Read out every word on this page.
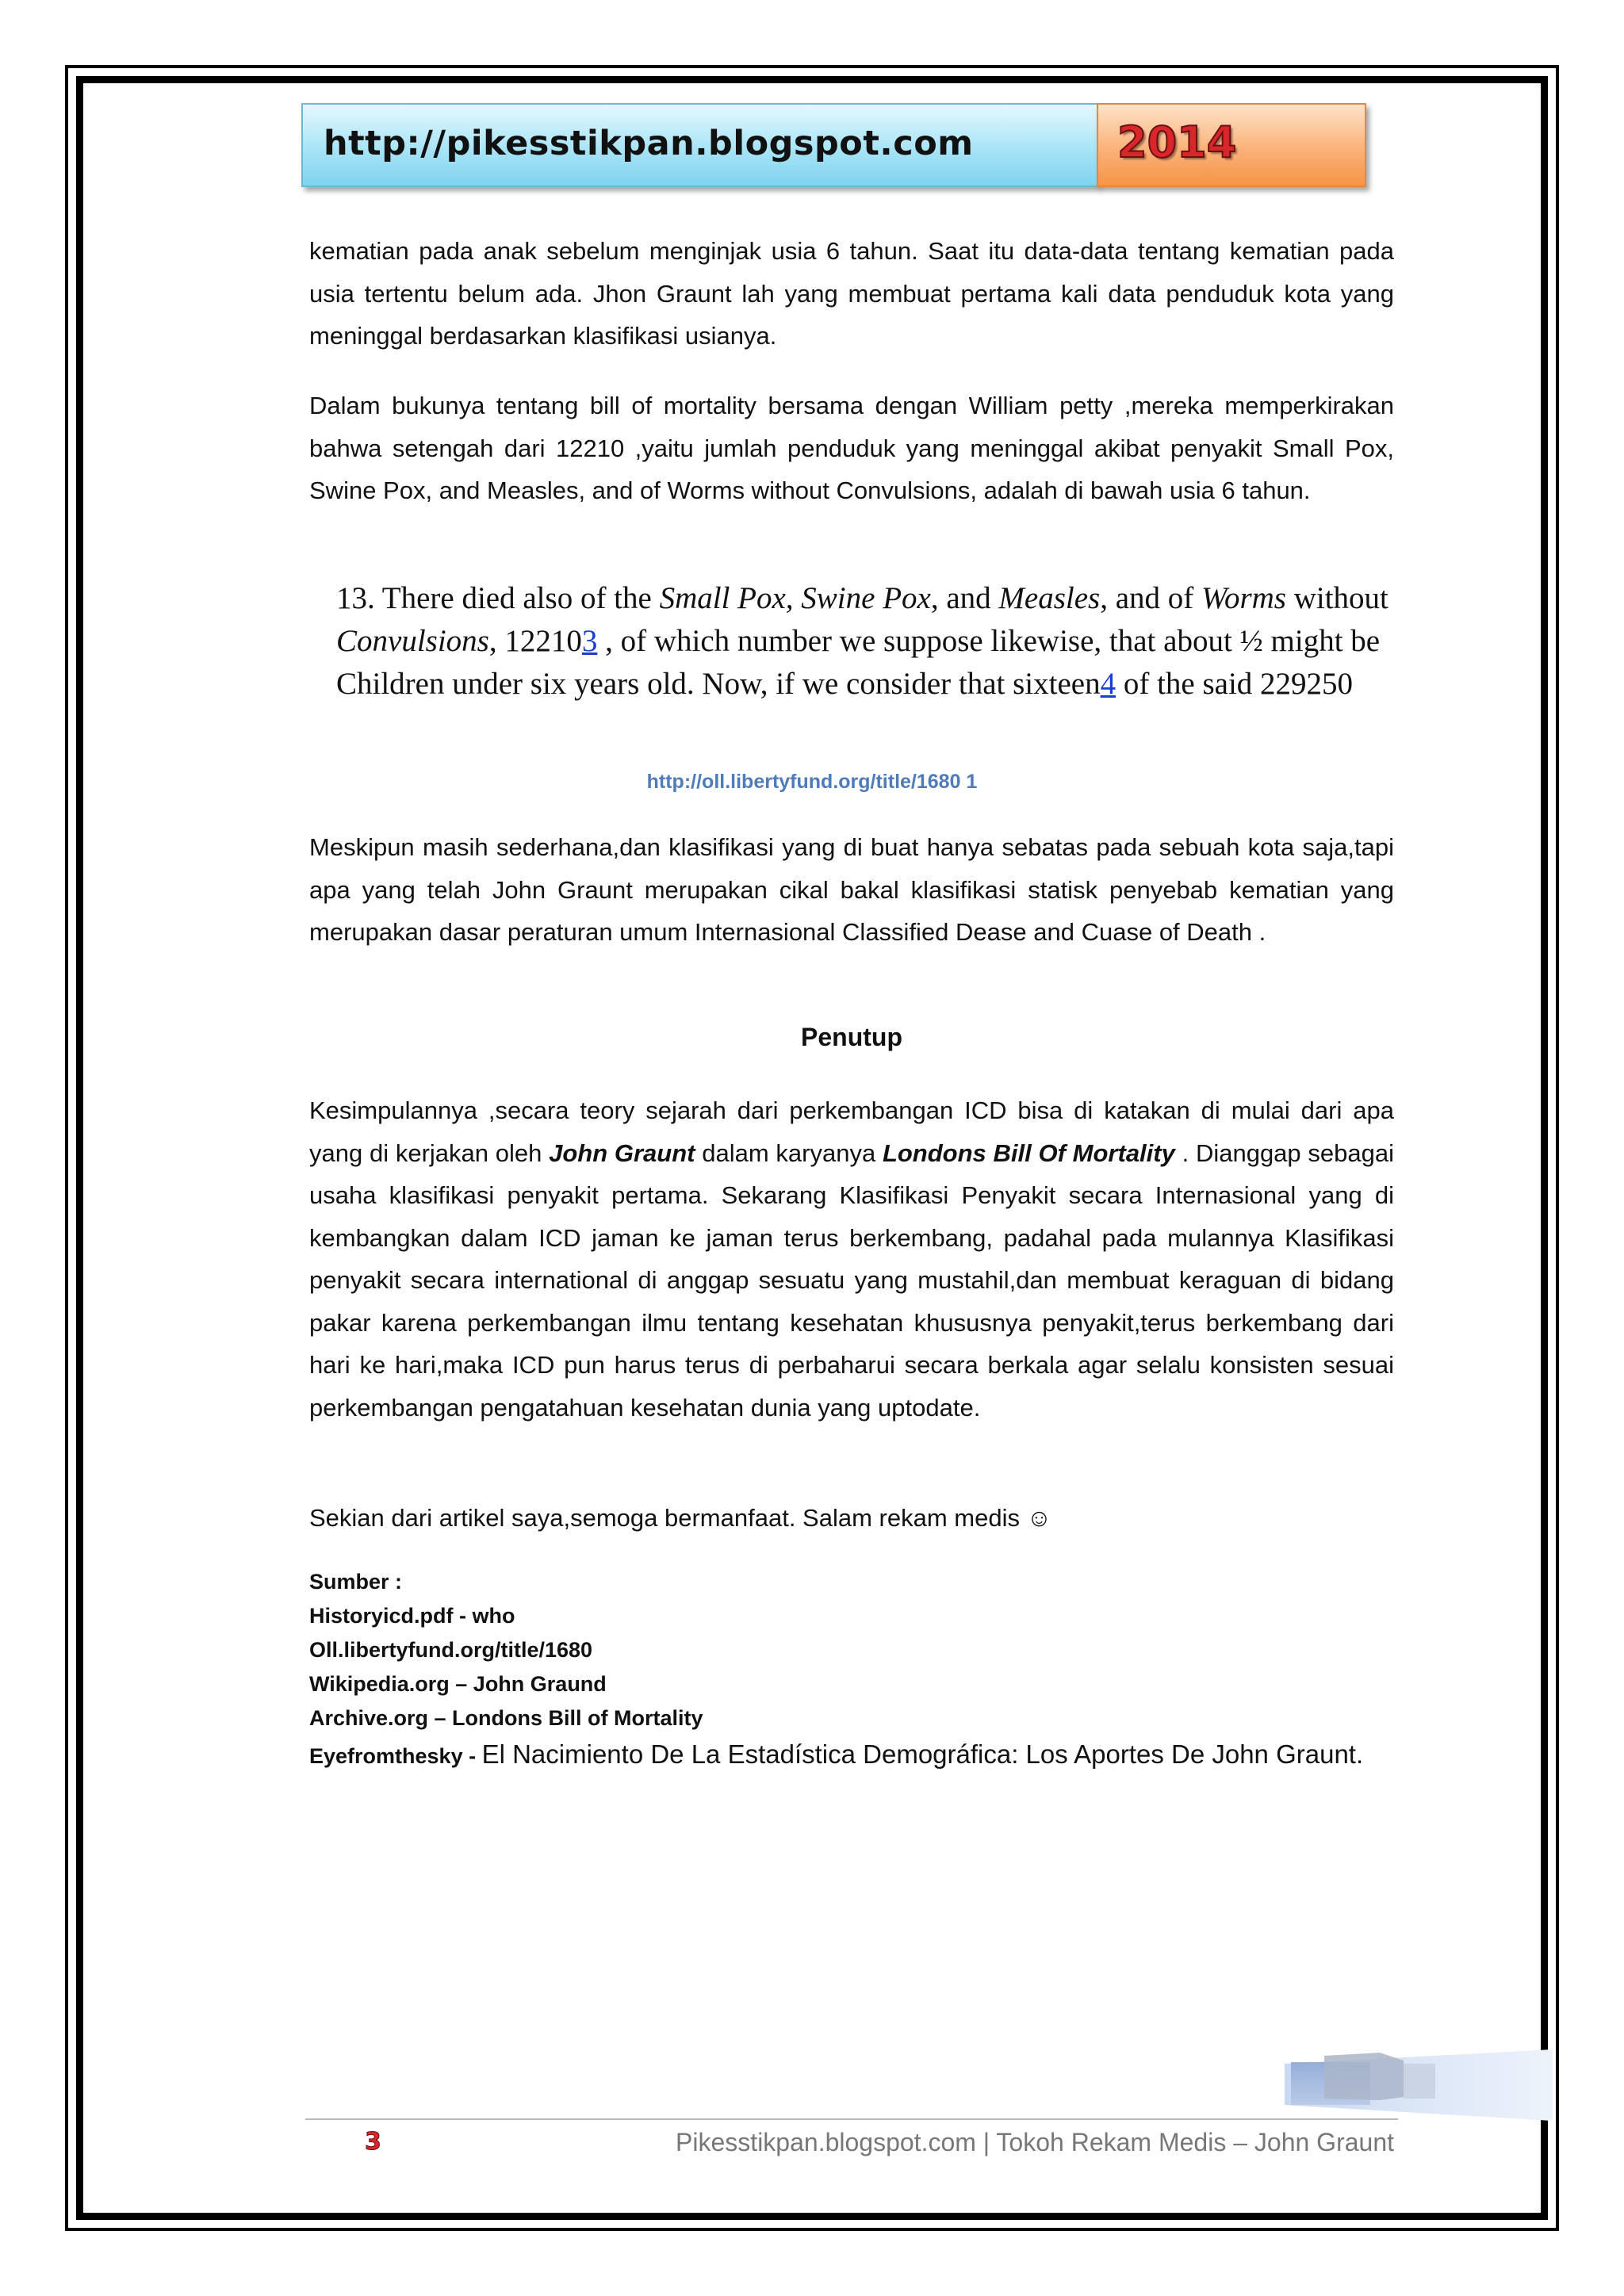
http://pikesstikpan.blogspot.com	2014

kematian pada anak sebelum menginjak usia 6 tahun. Saat itu data-data tentang kematian pada usia tertentu belum ada. Jhon Graunt lah yang membuat pertama kali data penduduk kota yang meninggal berdasarkan klasifikasi usianya.

Dalam bukunya tentang bill of mortality bersama dengan William petty ,mereka memperkirakan bahwa setengah dari 12210 ,yaitu jumlah penduduk yang meninggal akibat penyakit Small Pox, Swine Pox, and Measles, and of Worms without Convulsions, adalah di bawah usia 6 tahun.

13. There died also of the Small Pox, Swine Pox, and Measles, and of Worms without
Convulsions, 122103 , of which number we suppose likewise, that about ½ might be
Children under six years old. Now, if we consider that sixteen4 of the said 229250
http://oll.libertyfund.org/title/1680 1

Meskipun masih sederhana,dan klasifikasi yang di buat hanya sebatas pada sebuah kota saja,tapi apa yang telah John Graunt merupakan cikal bakal klasifikasi statisk penyebab kematian yang merupakan dasar peraturan umum Internasional Classified Dease and Cuase of Death .

Penutup

Kesimpulannya ,secara teory sejarah dari perkembangan ICD bisa di katakan di mulai dari apa yang di kerjakan oleh John Graunt dalam karyanya Londons Bill Of Mortality . Dianggap sebagai usaha klasifikasi penyakit pertama. Sekarang Klasifikasi Penyakit secara Internasional yang di kembangkan dalam ICD jaman ke jaman terus berkembang, padahal pada mulannya Klasifikasi penyakit secara international di anggap sesuatu yang mustahil,dan membuat keraguan di bidang pakar karena perkembangan ilmu tentang kesehatan khususnya penyakit,terus berkembang dari hari ke hari,maka ICD pun harus terus di perbaharui secara berkala agar selalu konsisten sesuai perkembangan pengatahuan kesehatan dunia yang uptodate.

Sekian dari artikel saya,semoga bermanfaat. Salam rekam medis ☺

Sumber :
Historyicd.pdf - who
Oll.libertyfund.org/title/1680
Wikipedia.org – John Graund
Archive.org – Londons Bill of Mortality
Eyefromthesky - El Nacimiento De La Estadística Demográfica: Los Aportes De John Graunt.
3	Pikesstikpan.blogspot.com | Tokoh Rekam Medis – John Graunt
